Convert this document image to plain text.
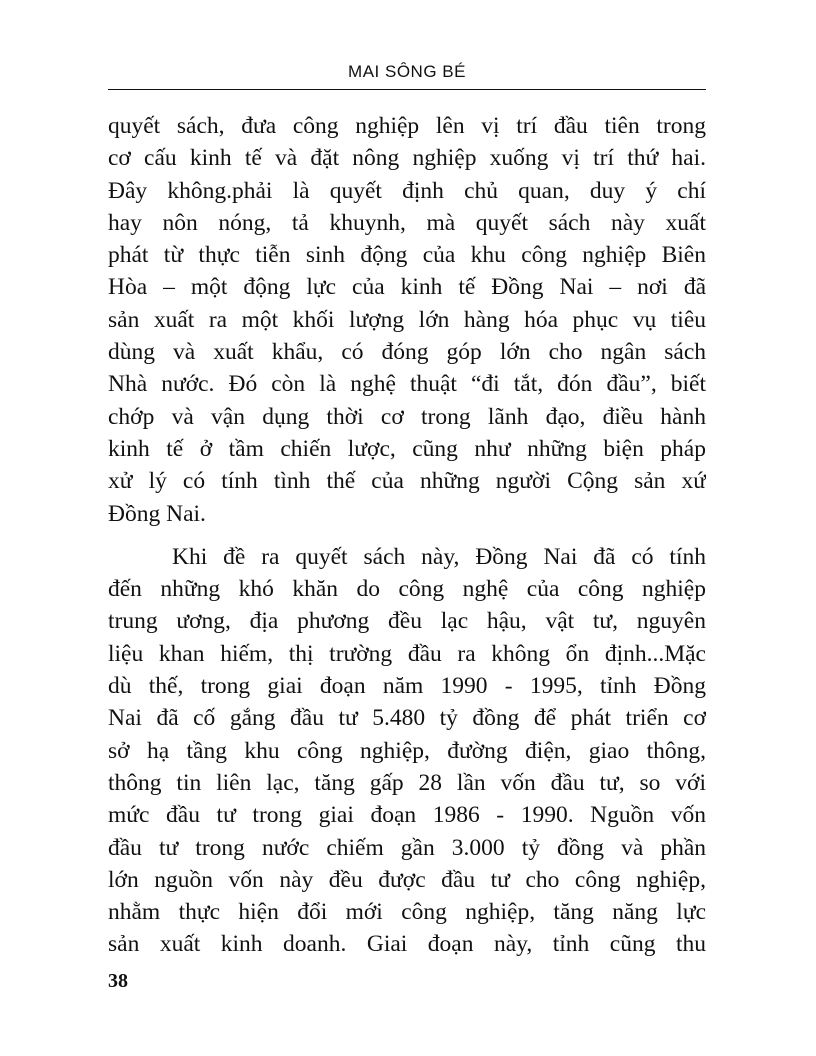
MAI SÔNG BÉ
quyết sách, đưa công nghiệp lên vị trí đầu tiên trong
cơ cấu kinh tế và đặt nông nghiệp xuống vị trí thứ hai.
Đây không.phải là quyết định chủ quan, duy ý chí
hay nôn nóng, tả khuynh, mà quyết sách này xuất
phát từ thực tiễn sinh động của khu công nghiệp Biên
Hòa – một động lực của kinh tế Đồng Nai – nơi đã
sản xuất ra một khối lượng lớn hàng hóa phục vụ tiêu
dùng và xuất khẩu, có đóng góp lớn cho ngân sách
Nhà nước. Đó còn là nghệ thuật “đi tắt, đón đầu”, biết
chớp và vận dụng thời cơ trong lãnh đạo, điều hành
kinh tế ở tầm chiến lược, cũng như những biện pháp
xử lý có tính tình thế của những người Cộng sản xứ
Đồng Nai.
Khi đề ra quyết sách này, Đồng Nai đã có tính
đến những khó khăn do công nghệ của công nghiệp
trung ương, địa phương đều lạc hậu, vật tư, nguyên
liệu khan hiếm, thị trường đầu ra không ổn định...Mặc
dù thế, trong giai đoạn năm 1990 - 1995, tỉnh Đồng
Nai đã cố gắng đầu tư 5.480 tỷ đồng để phát triển cơ
sở hạ tầng khu công nghiệp, đường điện, giao thông,
thông tin liên lạc, tăng gấp 28 lần vốn đầu tư, so với
mức đầu tư trong giai đoạn 1986 - 1990. Nguồn vốn
đầu tư trong nước chiếm gần 3.000 tỷ đồng và phần
lớn nguồn vốn này đều được đầu tư cho công nghiệp,
nhằm thực hiện đổi mới công nghiệp, tăng năng lực
sản xuất kinh doanh. Giai đoạn này, tỉnh cũng thu
38
